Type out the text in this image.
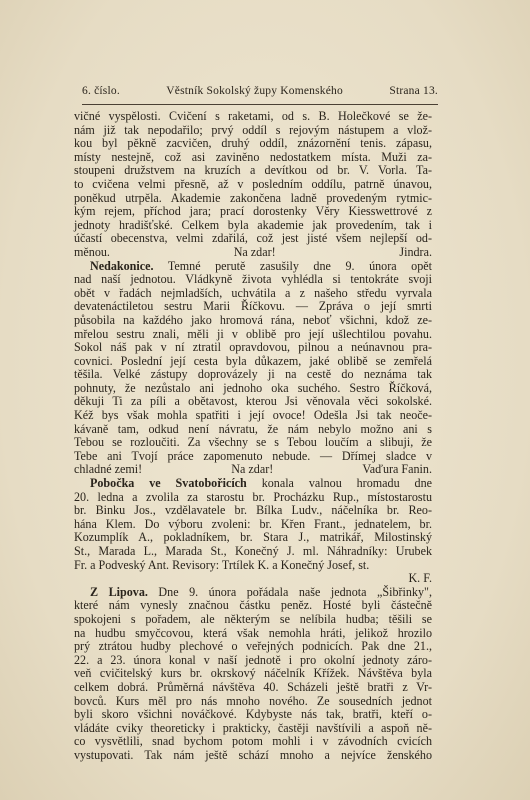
6. číslo.	Věstník Sokolský župy Komenského	Strana 13.
vičné vyspělosti. Cvičení s raketami, od s. B. Holečkové se že-
nám již tak nepodařilo; prvý oddíl s rejovým nástupem a vlož-
kou byl pěkně zacvičen, druhý oddíl, znázornění tenis. zápasu,
místy nestejně, což asi zaviněno nedostatkem místa. Muži za-
stoupeni družstvem na kruzích a devítkou od br. V. Vorla. Ta-
to cvičena velmi přesně, až v posledním oddílu, patrně únavou,
poněkud utrpěla. Akademie zakončena ladně provedeným rytmic-
kým rejem, příchod jara; prací dorostenky Věry Kiesswettrové z
jednoty hradišťské. Celkem byla akademie jak provedením, tak i
účastí obecenstva, velmi zdařilá, což jest jisté všem nejlepší od-
měnou.	Na zdar!	Jindra.
Nedakonice. Temné perutě zasušily dne 9. února opět
nad naší jednotou. Vládkyně života vyhlédla si tentokráte svoji
obět v řadách nejmladších, uchvátila a z našeho středu vyrvala
devatenáctiletou sestru Marii Říčkovu. — Zpráva o její smrti
působila na každého jako hromová rána, neboť všichni, kdož ze-
mřelou sestru znali, měli ji v oblibě pro její ušlechtilou povahu.
Sokol náš pak v ní ztratil opravdovou, pilnou a neúnavnou pra-
covnici. Poslední její cesta byla důkazem, jaké oblibě se zemřelá
těšila. Velké zástupy doprovázely ji na cestě do neznáma tak
pohnuty, že nezůstalo ani jednoho oka suchého. Sestro Říčková,
děkuji Ti za píli a obětavost, kterou Jsi věnovala věci sokolské.
Kéž bys však mohla spatřiti i její ovoce! Odešla Jsi tak neoče-
kávaně tam, odkud není návratu, že nám nebylo možno ani s
Tebou se rozloučiti. Za všechny se s Tebou loučím a slibuji, že
Tebe ani Tvojí práce zapomenuto nebude. — Dřímej sladce v
chladné zemi!	Na zdar!	Vaďura Fanin.
Pobočka ve Svatobořicích konala valnou hromadu dne
20. ledna a zvolila za starostu br. Procházku Rup., místostarostu
br. Binku Jos., vzdělavatele br. Bílka Ludv., náčelníka br. Reo-
hána Klem. Do výboru zvoleni: br. Křen Frant., jednatelem, br.
Kozumplík A., pokladníkem, br. Stara J., matrikář, Milostinský
St., Marada L., Marada St., Konečný J. ml. Náhradníky: Urubek
Fr. a Podveský Ant. Revisory: Trtílek K. a Konečný Josef, st.
K. F.
Z Lipova. Dne 9. února pořádala naše jednota „Šibřinky",
které nám vynesly značnou částku peněz. Hosté byli částečně
spokojeni s pořadem, ale některým se nelíbila hudba; těšili se
na hudbu smyčcovou, která však nemohla hráti, jelikož hrozilo
prý ztrátou hudby plechové o veřejných podnicích. Pak dne 21.,
22. a 23. února konal v naší jednotě i pro okolní jednoty záro-
veň cvičitelský kurs br. okrskový náčelník Křížek. Návštěva byla
celkem dobrá. Průměrná návštěva 40. Scházeli ještě bratři z Vr-
bovců. Kurs měl pro nás mnoho nového. Ze sousedních jednot
byli skoro všichni nováčkové. Kdybyste nás tak, bratři, kteří o-
vládáte cviky theoreticky i prakticky, častěji navštívili a aspoň ně-
co vysvětlili, snad bychom potom mohli i v závodních cvicích
vystupovati. Tak nám ještě schází mnoho a nejvíce ženského
